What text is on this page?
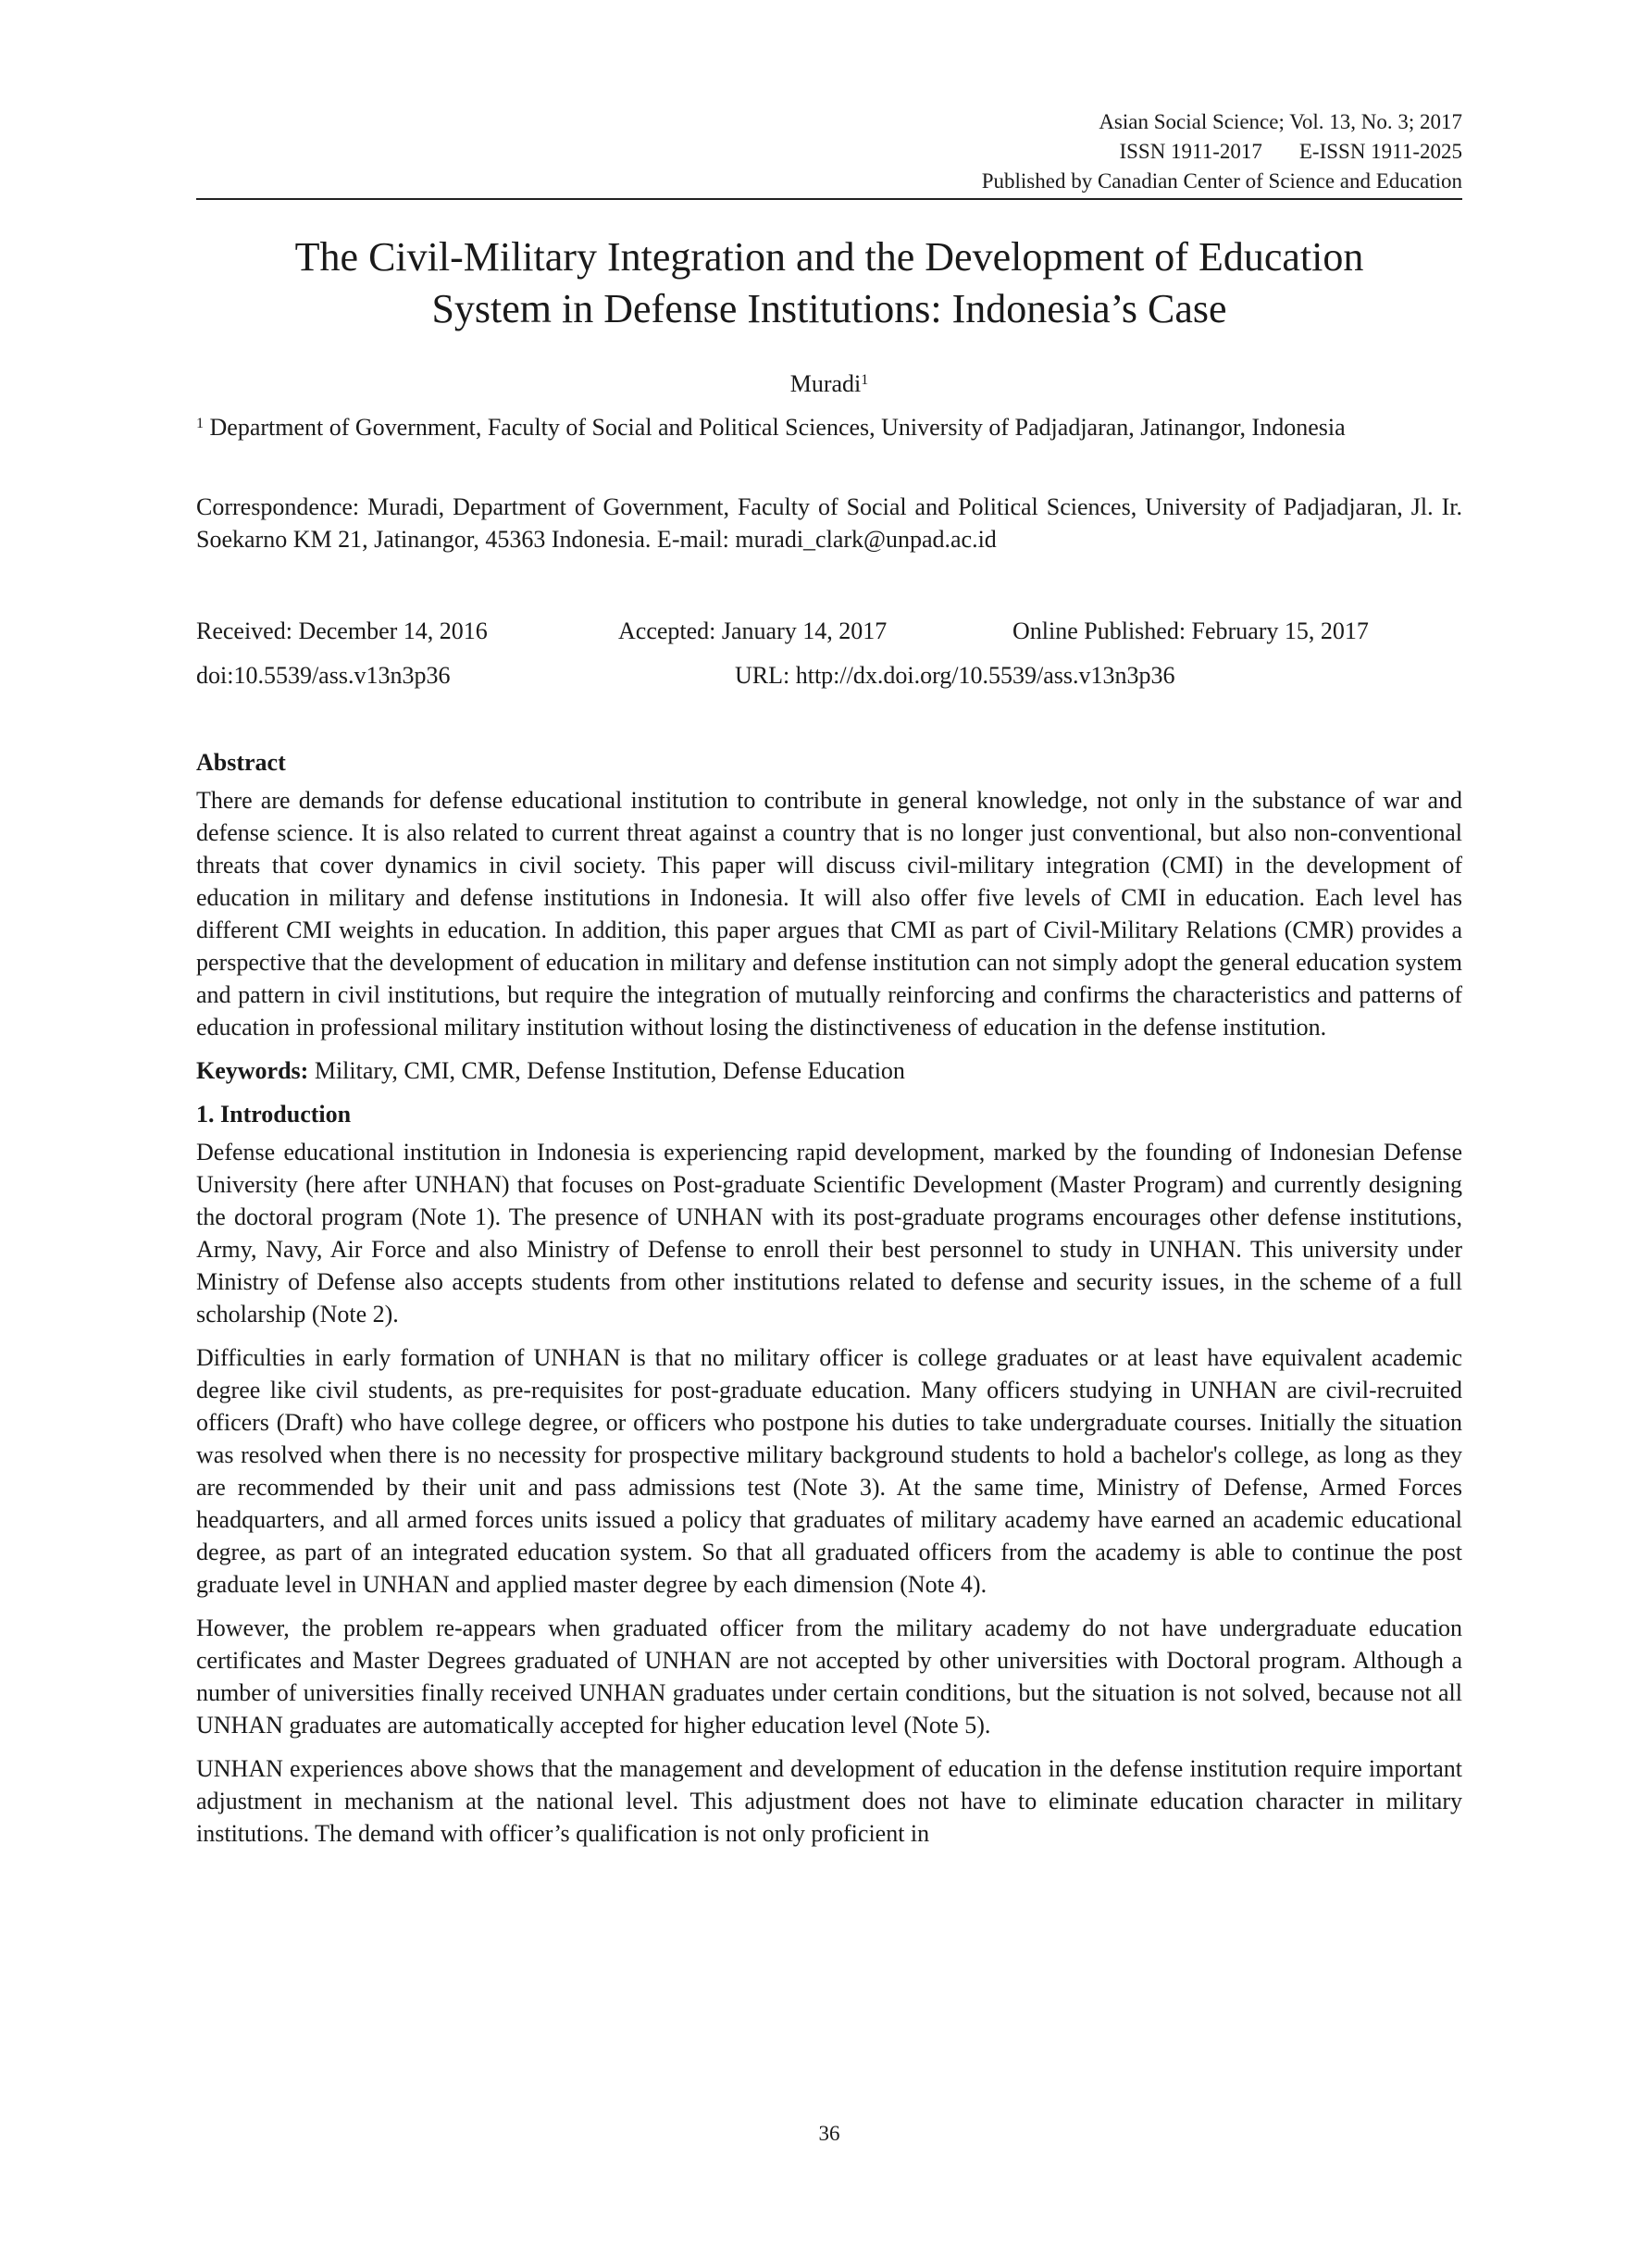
Asian Social Science; Vol. 13, No. 3; 2017
ISSN 1911-2017 E-ISSN 1911-2025
Published by Canadian Center of Science and Education
The Civil-Military Integration and the Development of Education
System in Defense Institutions: Indonesia’s Case
Muradi$^1$

$^1$ Department of Government, Faculty of Social and Political Sciences, University of Padjadjaran, Jatinangor, Indonesia

Correspondence: Muradi, Department of Government, Faculty of Social and Political Sciences, University of Padjadjaran, Jl. Ir. Soekarno KM 21, Jatinangor, 45363 Indonesia. E-mail: muradi_clark@unpad.ac.id

Received: December 14, 2016	Accepted: January 14, 2017	Online Published: February 15, 2017
doi:10.5539/ass.v13n3p36	URL: http://dx.doi.org/10.5539/ass.v13n3p36

Abstract

There are demands for defense educational institution to contribute in general knowledge, not only in the substance of war and defense science. It is also related to current threat against a country that is no longer just conventional, but also non-conventional threats that cover dynamics in civil society. This paper will discuss civil-military integration (CMI) in the development of education in military and defense institutions in Indonesia. It will also offer five levels of CMI in education. Each level has different CMI weights in education. In addition, this paper argues that CMI as part of Civil-Military Relations (CMR) provides a perspective that the development of education in military and defense institution can not simply adopt the general education system and pattern in civil institutions, but require the integration of mutually reinforcing and confirms the characteristics and patterns of education in professional military institution without losing the distinctiveness of education in the defense institution.

Keywords: Military, CMI, CMR, Defense Institution, Defense Education

1. Introduction

Defense educational institution in Indonesia is experiencing rapid development, marked by the founding of Indonesian Defense University (here after UNHAN) that focuses on Post-graduate Scientific Development (Master Program) and currently designing the doctoral program (Note 1). The presence of UNHAN with its post-graduate programs encourages other defense institutions, Army, Navy, Air Force and also Ministry of Defense to enroll their best personnel to study in UNHAN. This university under Ministry of Defense also accepts students from other institutions related to defense and security issues, in the scheme of a full scholarship (Note 2).

Difficulties in early formation of UNHAN is that no military officer is college graduates or at least have equivalent academic degree like civil students, as pre-requisites for post-graduate education. Many officers studying in UNHAN are civil-recruited officers (Draft) who have college degree, or officers who postpone his duties to take undergraduate courses. Initially the situation was resolved when there is no necessity for prospective military background students to hold a bachelor's college, as long as they are recommended by their unit and pass admissions test (Note 3). At the same time, Ministry of Defense, Armed Forces headquarters, and all armed forces units issued a policy that graduates of military academy have earned an academic educational degree, as part of an integrated education system. So that all graduated officers from the academy is able to continue the post graduate level in UNHAN and applied master degree by each dimension (Note 4).

However, the problem re-appears when graduated officer from the military academy do not have undergraduate education certificates and Master Degrees graduated of UNHAN are not accepted by other universities with Doctoral program. Although a number of universities finally received UNHAN graduates under certain conditions, but the situation is not solved, because not all UNHAN graduates are automatically accepted for higher education level (Note 5).

UNHAN experiences above shows that the management and development of education in the defense institution require important adjustment in mechanism at the national level. This adjustment does not have to eliminate education character in military institutions. The demand with officer’s qualification is not only proficient in

36
